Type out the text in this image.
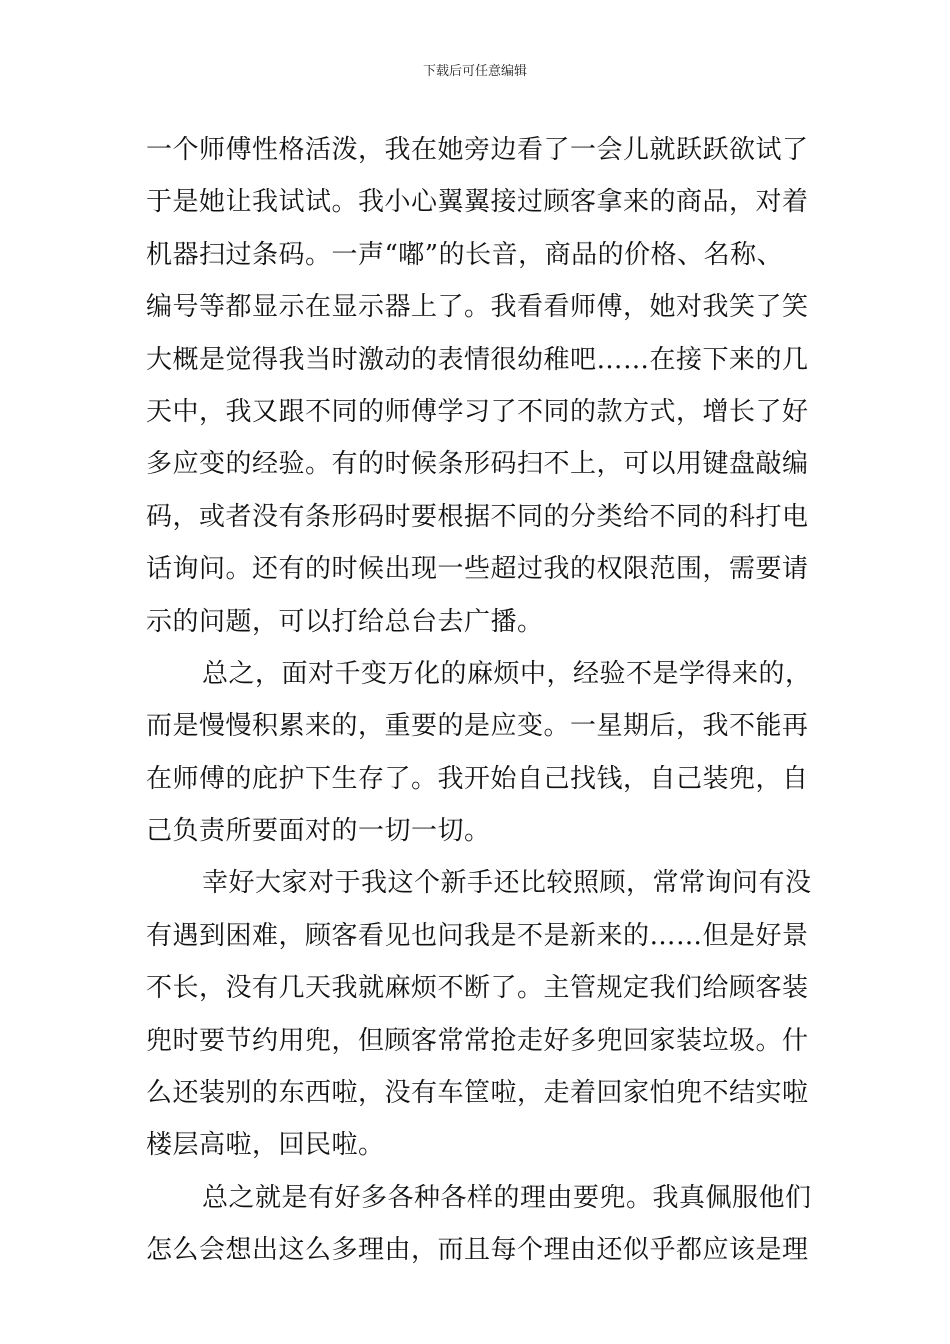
下载后可任意编辑
一个师傅性格活泼，我在她旁边看了一会儿就跃跃欲试了
于是她让我试试。我小心翼翼接过顾客拿来的商品，对着
机器扫过条码。一声“嘟”的长音，商品的价格、名称、
编号等都显示在显示器上了。我看看师傅，她对我笑了笑
大概是觉得我当时激动的表情很幼稚吧……在接下来的几
天中，我又跟不同的师傅学习了不同的款方式，增长了好
多应变的经验。有的时候条形码扫不上，可以用键盘敲编
码，或者没有条形码时要根据不同的分类给不同的科打电
话询问。还有的时候出现一些超过我的权限范围，需要请
示的问题，可以打给总台去广播。
总之，面对千变万化的麻烦中，经验不是学得来的，
而是慢慢积累来的，重要的是应变。一星期后，我不能再
在师傅的庇护下生存了。我开始自己找钱，自己装兜，自
己负责所要面对的一切一切。
幸好大家对于我这个新手还比较照顾，常常询问有没
有遇到困难，顾客看见也问我是不是新来的……但是好景
不长，没有几天我就麻烦不断了。主管规定我们给顾客装
兜时要节约用兜，但顾客常常抢走好多兜回家装垃圾。什
么还装别的东西啦，没有车筐啦，走着回家怕兜不结实啦
楼层高啦，回民啦。
总之就是有好多各种各样的理由要兜。我真佩服他们
怎么会想出这么多理由，而且每个理由还似乎都应该是理
